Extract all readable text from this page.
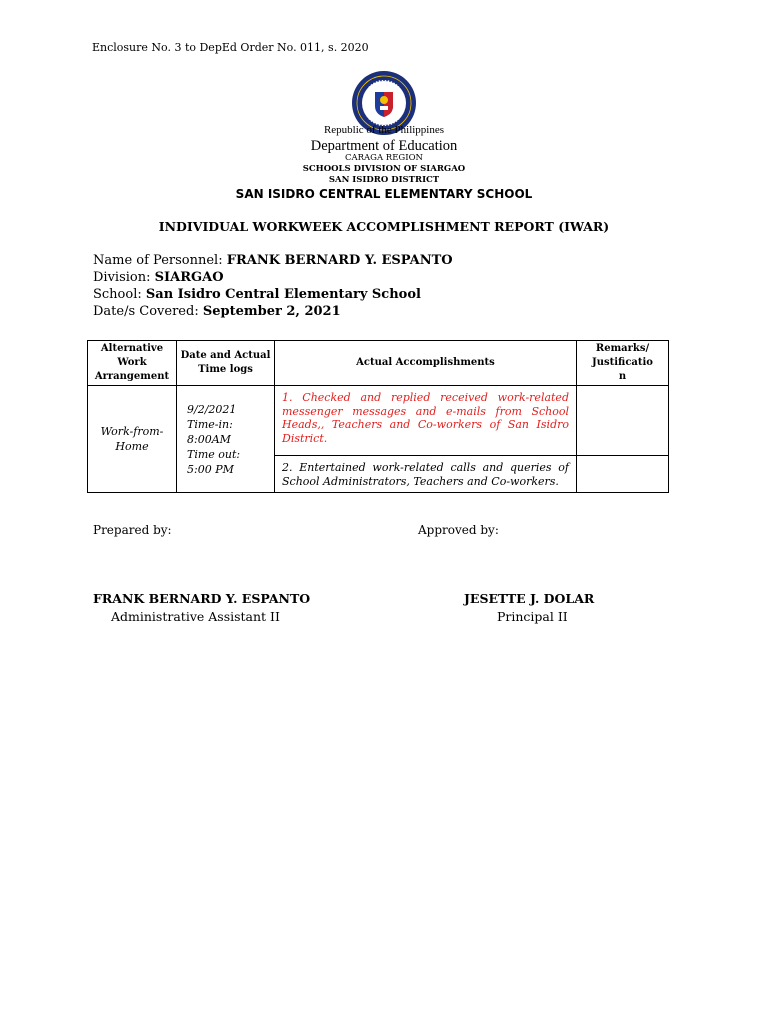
Enclosure No. 3 to DepEd Order No. 011, s. 2020
Republic of the Philippines
Department of Education
CARAGA REGION
SCHOOLS DIVISION OF SIARGAO
SAN ISIDRO DISTRICT
SAN ISIDRO CENTRAL ELEMENTARY SCHOOL
INDIVIDUAL WORKWEEK ACCOMPLISHMENT REPORT (IWAR)
Name of Personnel: FRANK BERNARD Y. ESPANTO
Division: SIARGAO
School: San Isidro Central Elementary School
Date/s Covered: September 2, 2021
Alternative Work Arrangement	Date and Actual Time logs	Actual Accomplishments	Remarks/ Justificatio
n
Work-from-Home	9/2/2021
Time-in:
8:00AM
Time out:
5:00 PM	1. Checked and replied received work-related messenger messages and e-mails from School Heads,, Teachers and Co-workers of San Isidro District.	
		2. Entertained work-related calls and queries of School Administrators, Teachers and Co-workers.	
Prepared by:	Approved by:
FRANK BERNARD Y. ESPANTO
Administrative Assistant II
JESETTE J. DOLAR
Principal II
